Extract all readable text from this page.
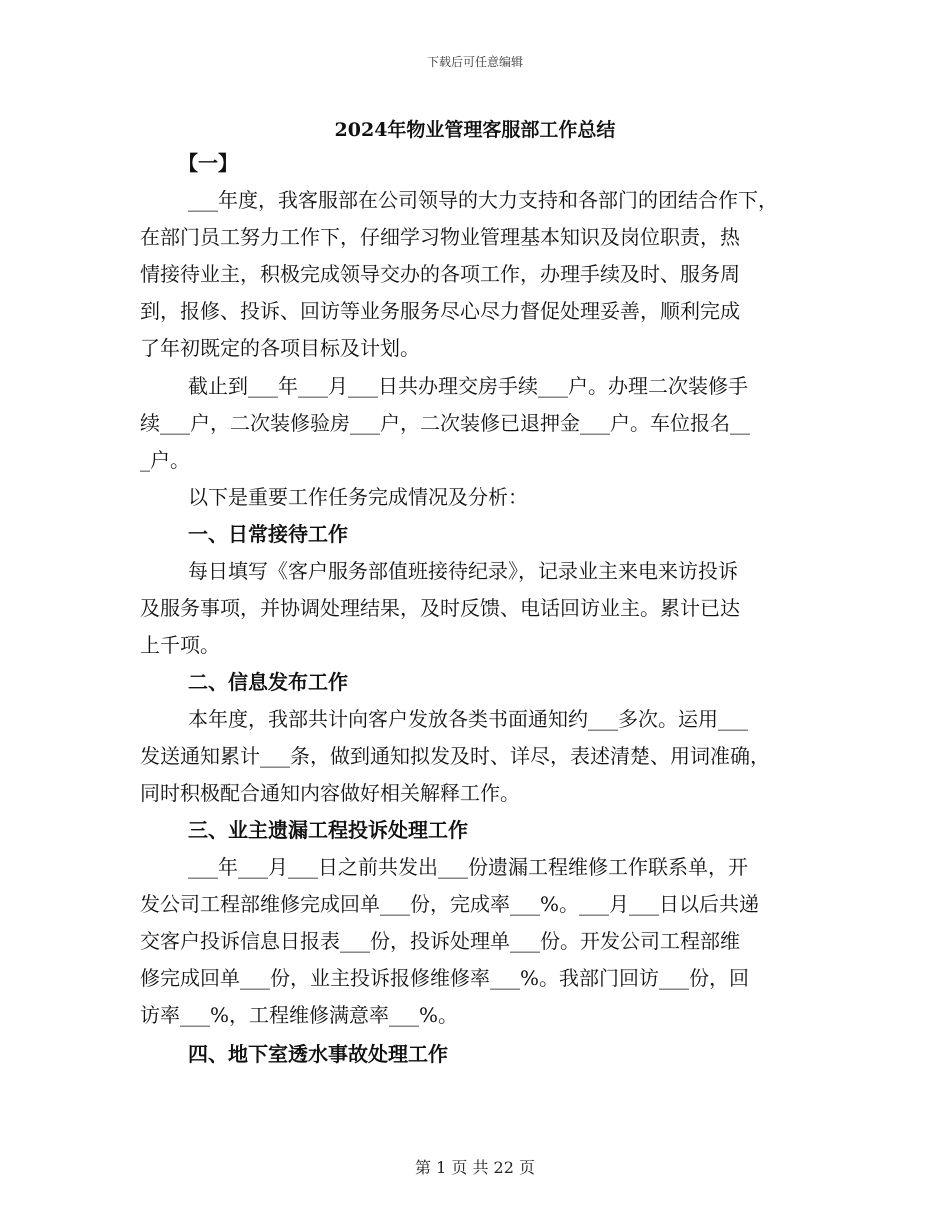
下载后可任意编辑
2024年物业管理客服部工作总结
【一】
___年度，我客服部在公司领导的大力支持和各部门的团结合作下，
在部门员工努力工作下，仔细学习物业管理基本知识及岗位职责，热
情接待业主，积极完成领导交办的各项工作，办理手续及时、服务周
到，报修、投诉、回访等业务服务尽心尽力督促处理妥善，顺利完成
了年初既定的各项目标及计划。
截止到___年___月___日共办理交房手续___户。办理二次装修手
续___户，二次装修验房___户，二次装修已退押金___户。车位报名__
_户。
以下是重要工作任务完成情况及分析：
一、日常接待工作
每日填写《客户服务部值班接待纪录》，记录业主来电来访投诉
及服务事项，并协调处理结果，及时反馈、电话回访业主。累计已达
上千项。
二、信息发布工作
本年度，我部共计向客户发放各类书面通知约___多次。运用___
发送通知累计___条，做到通知拟发及时、详尽，表述清楚、用词准确，
同时积极配合通知内容做好相关解释工作。
三、业主遗漏工程投诉处理工作
___年___月___日之前共发出___份遗漏工程维修工作联系单，开
发公司工程部维修完成回单___份，完成率___%。___月___日以后共递
交客户投诉信息日报表___份，投诉处理单___份。开发公司工程部维
修完成回单___份，业主投诉报修维修率___%。我部门回访___份，回
访率___%，工程维修满意率___%。
四、地下室透水事故处理工作
第 1 页 共 22 页
